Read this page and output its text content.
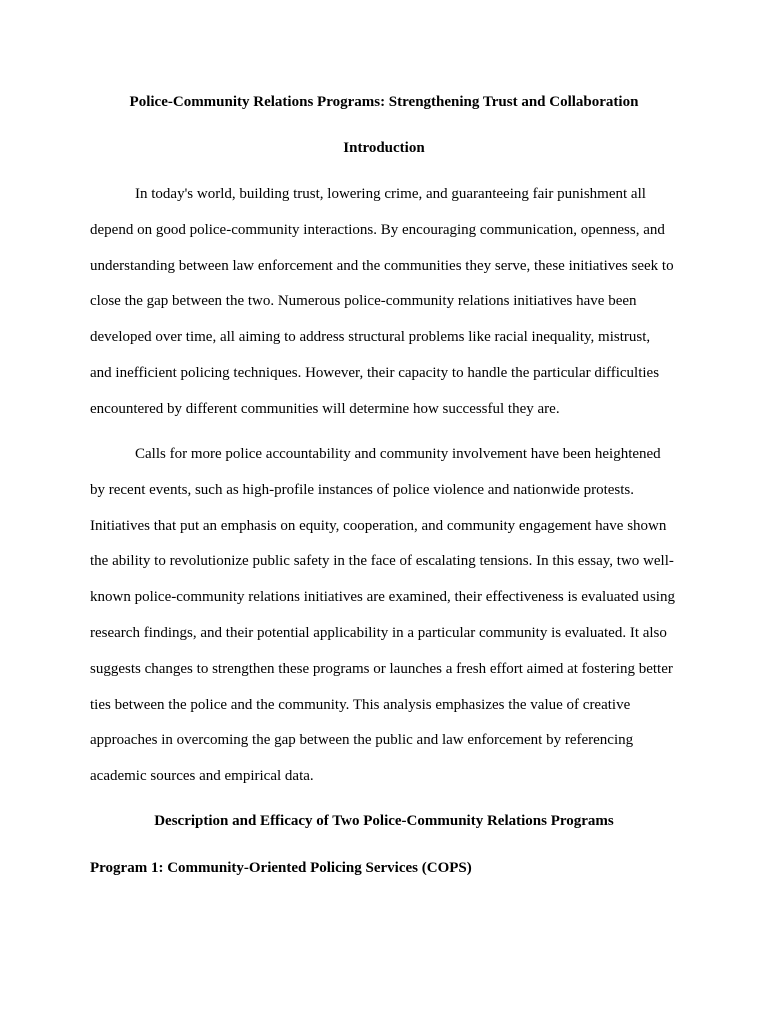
Police-Community Relations Programs: Strengthening Trust and Collaboration
Introduction
In today's world, building trust, lowering crime, and guaranteeing fair punishment all
depend on good police-community interactions. By encouraging communication, openness, and
understanding between law enforcement and the communities they serve, these initiatives seek to
close the gap between the two. Numerous police-community relations initiatives have been
developed over time, all aiming to address structural problems like racial inequality, mistrust,
and inefficient policing techniques. However, their capacity to handle the particular difficulties
encountered by different communities will determine how successful they are.
Calls for more police accountability and community involvement have been heightened
by recent events, such as high-profile instances of police violence and nationwide protests.
Initiatives that put an emphasis on equity, cooperation, and community engagement have shown
the ability to revolutionize public safety in the face of escalating tensions. In this essay, two well-
known police-community relations initiatives are examined, their effectiveness is evaluated using
research findings, and their potential applicability in a particular community is evaluated. It also
suggests changes to strengthen these programs or launches a fresh effort aimed at fostering better
ties between the police and the community. This analysis emphasizes the value of creative
approaches in overcoming the gap between the public and law enforcement by referencing
academic sources and empirical data.
Description and Efficacy of Two Police-Community Relations Programs
Program 1: Community-Oriented Policing Services (COPS)
